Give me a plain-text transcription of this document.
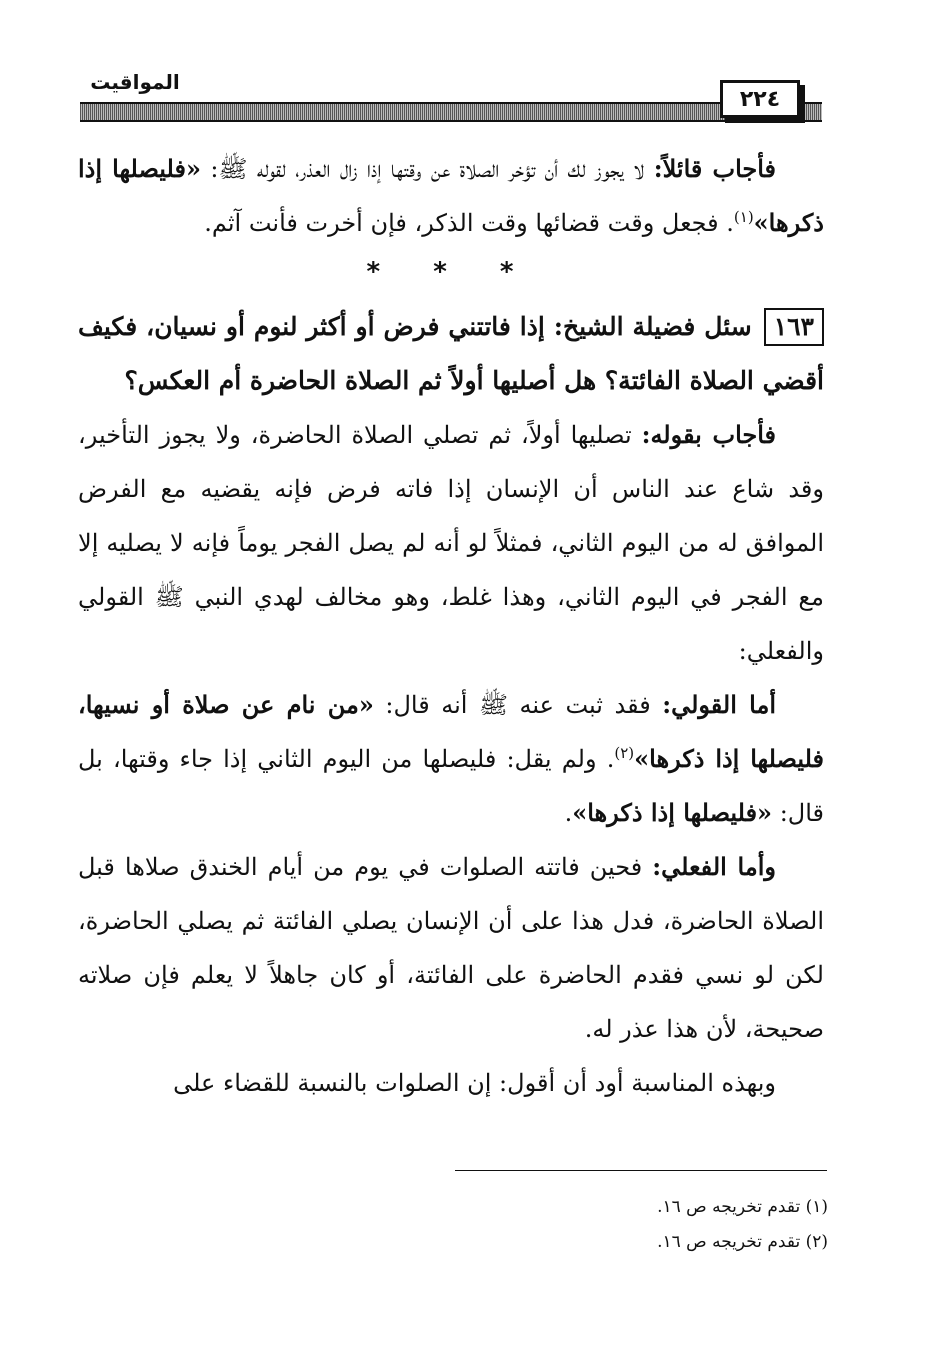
٢٢٤
المواقيت

فأجاب قائلاً: لا يجوز لك أن تؤخر الصلاة عن وقتها إذا زال العذر، لقوله ﷺ: «فليصلها إذا ذكرها»$^{(١)}$. فجعل وقت قضائها وقت الذكر، فإن أخرت فأنت آثم.

* * *

١٦٣سئل فضيلة الشيخ: إذا فاتتني فرض أو أكثر لنوم أو نسيان، فكيف أقضي الصلاة الفائتة؟ هل أصليها أولاً ثم الصلاة الحاضرة أم العكس؟

فأجاب بقوله: تصليها أولاً، ثم تصلي الصلاة الحاضرة، ولا يجوز التأخير، وقد شاع عند الناس أن الإنسان إذا فاته فرض فإنه يقضيه مع الفرض الموافق له من اليوم الثاني، فمثلاً لو أنه لم يصل الفجر يوماً فإنه لا يصليه إلا مع الفجر في اليوم الثاني، وهذا غلط، وهو مخالف لهدي النبي ﷺ القولي والفعلي:

أما القولي: فقد ثبت عنه ﷺ أنه قال: «من نام عن صلاة أو نسيها، فليصلها إذا ذكرها»$^{(٢)}$. ولم يقل: فليصلها من اليوم الثاني إذا جاء وقتها، بل قال: «فليصلها إذا ذكرها».

وأما الفعلي: فحين فاتته الصلوات في يوم من أيام الخندق صلاها قبل الصلاة الحاضرة، فدل هذا على أن الإنسان يصلي الفائتة ثم يصلي الحاضرة، لكن لو نسي فقدم الحاضرة على الفائتة، أو كان جاهلاً لا يعلم فإن صلاته صحيحة، لأن هذا عذر له.

وبهذه المناسبة أود أن أقول: إن الصلوات بالنسبة للقضاء على

(١) تقدم تخريجه ص ١٦.
(٢) تقدم تخريجه ص ١٦.
